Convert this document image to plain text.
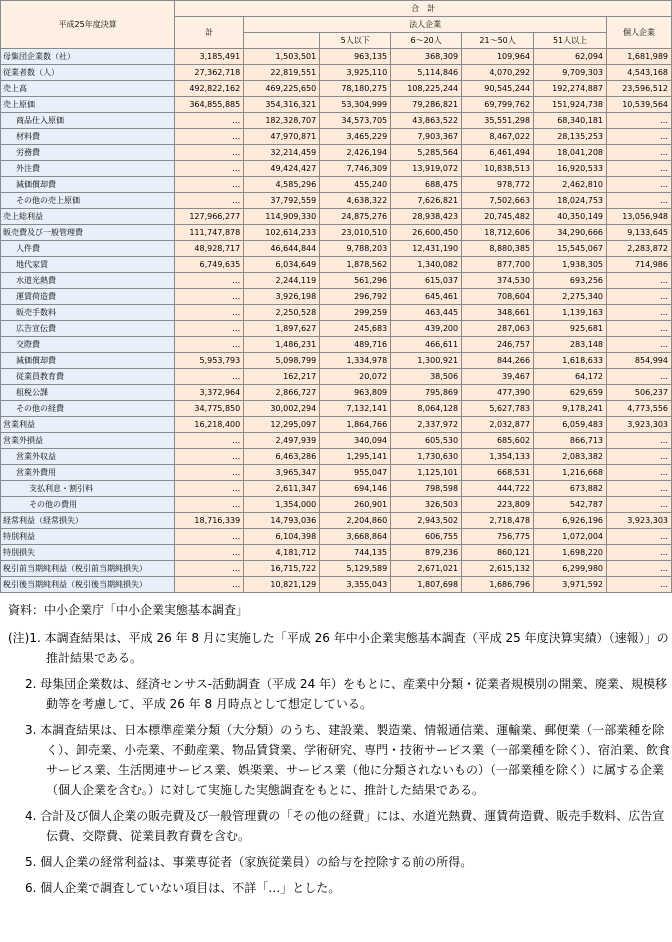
平成25年度決算	合　計						
	計	法人企業					個人企業
			5人以下	6〜20人	21〜50人	51人以上	
母集団企業数（社）	3,185,491	1,503,501	963,135	368,309	109,964	62,094	1,681,989
従業者数（人）	27,362,718	22,819,551	3,925,110	5,114,846	4,070,292	9,709,303	4,543,168
売上高	492,822,162	469,225,650	78,180,275	108,225,244	90,545,244	192,274,887	23,596,512
売上原価	364,855,885	354,316,321	53,304,999	79,286,821	69,799,762	151,924,738	10,539,564
商品仕入原価	…	182,328,707	34,573,705	43,863,522	35,551,298	68,340,181	…
材料費	…	47,970,871	3,465,229	7,903,367	8,467,022	28,135,253	…
労務費	…	32,214,459	2,426,194	5,285,564	6,461,494	18,041,208	…
外注費	…	49,424,427	7,746,309	13,919,072	10,838,513	16,920,533	…
減価償却費	…	4,585,296	455,240	688,475	978,772	2,462,810	…
その他の売上原価	…	37,792,559	4,638,322	7,626,821	7,502,663	18,024,753	…
売上総利益	127,966,277	114,909,330	24,875,276	28,938,423	20,745,482	40,350,149	13,056,948
販売費及び一般管理費	111,747,878	102,614,233	23,010,510	26,600,450	18,712,606	34,290,666	9,133,645
人件費	48,928,717	46,644,844	9,788,203	12,431,190	8,880,385	15,545,067	2,283,872
地代家賃	6,749,635	6,034,649	1,878,562	1,340,082	877,700	1,938,305	714,986
水道光熱費	…	2,244,119	561,296	615,037	374,530	693,256	…
運賃荷造費	…	3,926,198	296,792	645,461	708,604	2,275,340	…
販売手数料	…	2,250,528	299,259	463,445	348,661	1,139,163	…
広告宣伝費	…	1,897,627	245,683	439,200	287,063	925,681	…
交際費	…	1,486,231	489,716	466,611	246,757	283,148	…
減価償却費	5,953,793	5,098,799	1,334,978	1,300,921	844,266	1,618,633	854,994
従業員教育費	…	162,217	20,072	38,506	39,467	64,172	…
租税公課	3,372,964	2,866,727	963,809	795,869	477,390	629,659	506,237
その他の経費	34,775,850	30,002,294	7,132,141	8,064,128	5,627,783	9,178,241	4,773,556
営業利益	16,218,400	12,295,097	1,864,766	2,337,972	2,032,877	6,059,483	3,923,303
営業外損益	…	2,497,939	340,094	605,530	685,602	866,713	…
営業外収益	…	6,463,286	1,295,141	1,730,630	1,354,133	2,083,382	…
営業外費用	…	3,965,347	955,047	1,125,101	668,531	1,216,668	…
支払利息・割引料	…	2,611,347	694,146	798,598	444,722	673,882	…
その他の費用	…	1,354,000	260,901	326,503	223,809	542,787	…
経常利益（経常損失）	18,716,339	14,793,036	2,204,860	2,943,502	2,718,478	6,926,196	3,923,303
特別利益	…	6,104,398	3,668,864	606,755	756,775	1,072,004	…
特別損失	…	4,181,712	744,135	879,236	860,121	1,698,220	…
税引前当期純利益（税引前当期純損失）	…	16,715,722	5,129,589	2,671,021	2,615,132	6,299,980	…
税引後当期純利益（税引後当期純損失）	…	10,821,129	3,355,043	1,807,698	1,686,796	3,971,592	…
資料：中小企業庁「中小企業実態基本調査」
(注)1. 本調査結果は、平成 26 年 8 月に実施した「平成 26 年中小企業実態基本調査（平成 25 年度決算実績）（速報）」の推計結果である。
2. 母集団企業数は、経済センサス-活動調査（平成 24 年）をもとに、産業中分類・従業者規模別の開業、廃業、規模移動等を考慮して、平成 26 年 8 月時点として想定している。
3. 本調査結果は、日本標準産業分類（大分類）のうち、建設業、製造業、情報通信業、運輸業、郵便業（一部業種を除く）、卸売業、小売業、不動産業、物品賃貸業、学術研究、専門・技術サービス業（一部業種を除く）、宿泊業、飲食サービス業、生活関連サービス業、娯楽業、サービス業（他に分類されないもの）（一部業種を除く）に属する企業（個人企業を含む。）に対して実施した実態調査をもとに、推計した結果である。
4. 合計及び個人企業の販売費及び一般管理費の「その他の経費」には、水道光熱費、運賃荷造費、販売手数料、広告宣伝費、交際費、従業員教育費を含む。
5. 個人企業の経常利益は、事業専従者（家族従業員）の給与を控除する前の所得。
6. 個人企業で調査していない項目は、不詳「…」とした。
